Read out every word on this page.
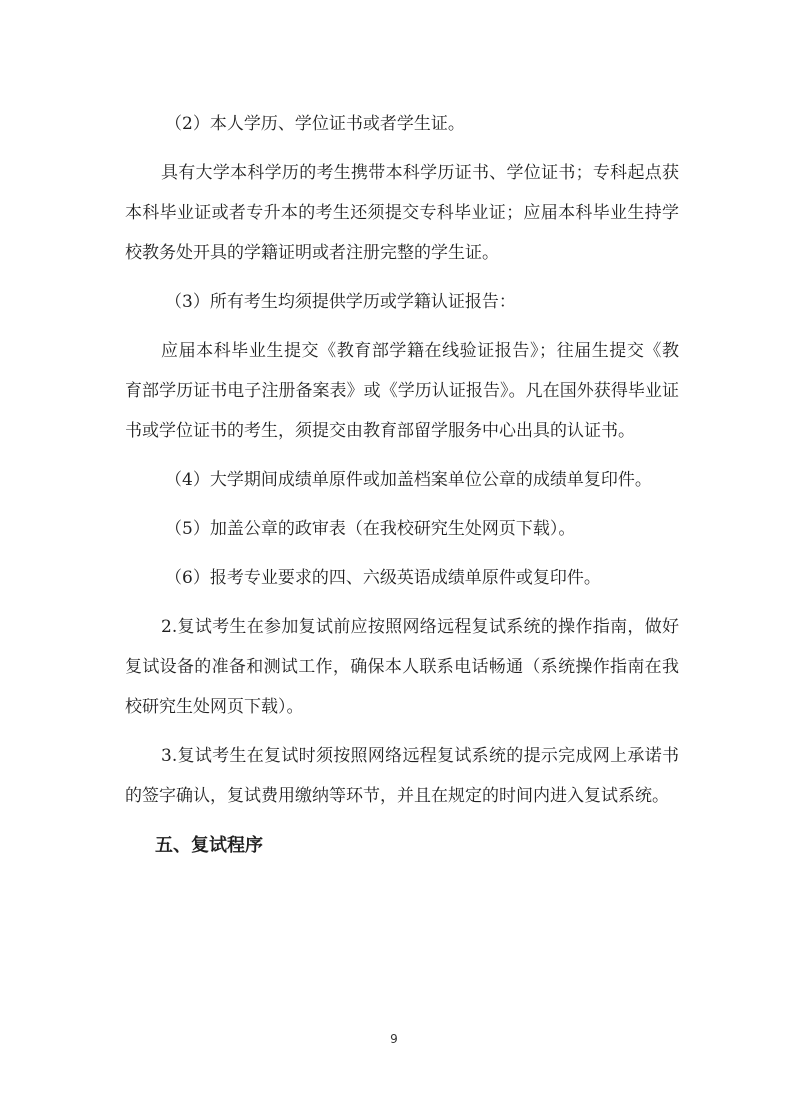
（2）本人学历、学位证书或者学生证。

具有大学本科学历的考生携带本科学历证书、学位证书；专科起点获本科毕业证或者专升本的考生还须提交专科毕业证；应届本科毕业生持学校教务处开具的学籍证明或者注册完整的学生证。

（3）所有考生均须提供学历或学籍认证报告：

应届本科毕业生提交《教育部学籍在线验证报告》；往届生提交《教育部学历证书电子注册备案表》或《学历认证报告》。凡在国外获得毕业证书或学位证书的考生，须提交由教育部留学服务中心出具的认证书。

（4）大学期间成绩单原件或加盖档案单位公章的成绩单复印件。

（5）加盖公章的政审表（在我校研究生处网页下载）。

（6）报考专业要求的四、六级英语成绩单原件或复印件。

2.复试考生在参加复试前应按照网络远程复试系统的操作指南，做好复试设备的准备和测试工作，确保本人联系电话畅通（系统操作指南在我校研究生处网页下载）。

3.复试考生在复试时须按照网络远程复试系统的提示完成网上承诺书的签字确认，复试费用缴纳等环节，并且在规定的时间内进入复试系统。

五、复试程序
9
